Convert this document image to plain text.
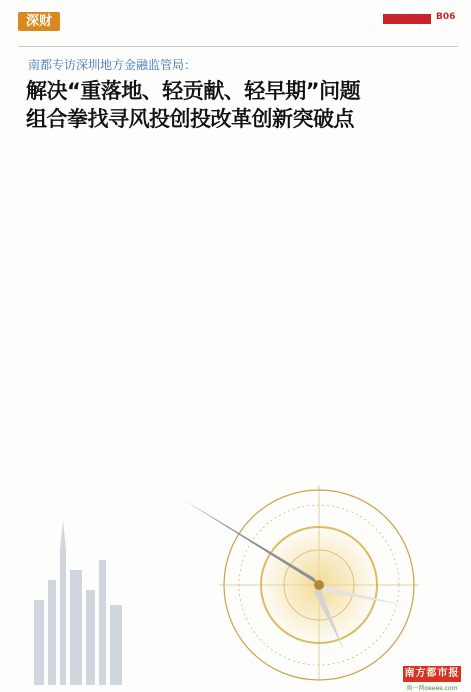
深财	B06
南都专访深圳地方金融监管局：
解决“重落地、轻贡献、轻早期”问题
组合拳找寻风投创投改革创新突破点

南方都市报
奥一网oeeee.com
